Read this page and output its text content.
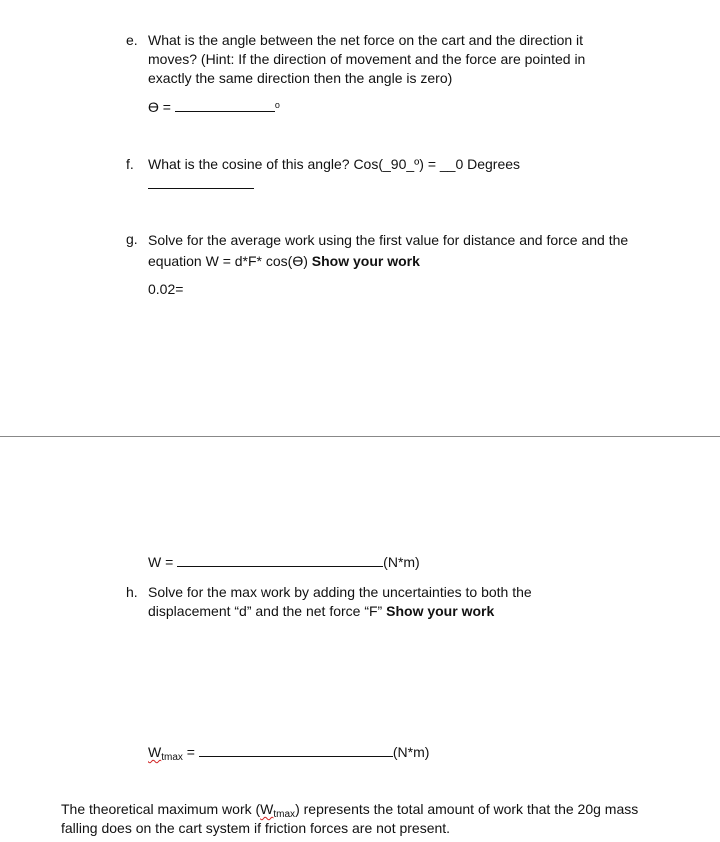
e. What is the angle between the net force on the cart and the direction it moves? (Hint: If the direction of movement and the force are pointed in exactly the same direction then the angle is zero)
ϴ =	$^o$
f. What is the cosine of this angle? Cos(_90_º) = __0 Degrees
g. Solve for the average work using the first value for distance and force and the equation W = d*F* cos(ϴ) Show your work
0.02=
W =	(N*m)
h. Solve for the max work by adding the uncertainties to both the displacement “d” and the net force “F” Show your work
$W_{tmax}$ =	(N*m)
The theoretical maximum work $(W_{tmax})$ represents the total amount of work that the 20g mass falling does on the cart system if friction forces are not present.
